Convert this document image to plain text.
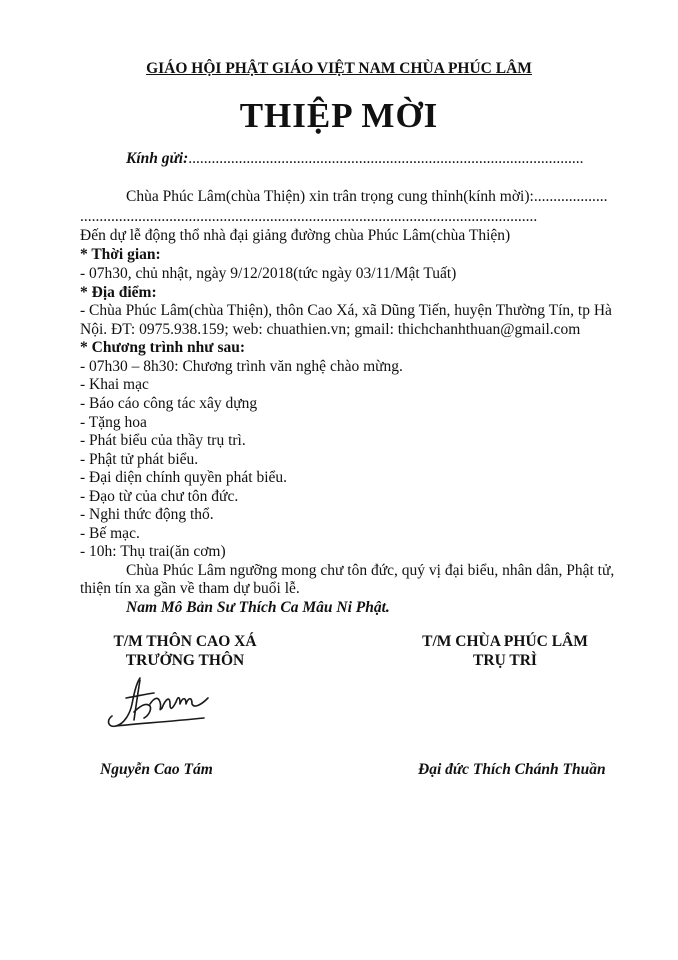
GIÁO HỘI PHẬT GIÁO VIỆT NAM CHÙA PHÚC LÂM
THIỆP MỜI
Kính gửi:......................................................................................................
Chùa Phúc Lâm(chùa Thiện) xin trân trọng cung thỉnh(kính mời):...................
......................................................................................................................
Đến dự lễ động thổ nhà đại giảng đường chùa Phúc Lâm(chùa Thiện)
* Thời gian:
- 07h30, chủ nhật, ngày 9/12/2018(tức ngày 03/11/Mật Tuất)
* Địa điểm:
- Chùa Phúc Lâm(chùa Thiện), thôn Cao Xá, xã Dũng Tiến, huyện Thường Tín, tp Hà
Nội. ĐT: 0975.938.159; web: chuathien.vn; gmail: thichchanhthuan@gmail.com
* Chương trình như sau:
- 07h30 – 8h30: Chương trình văn nghệ chào mừng.
- Khai mạc
- Báo cáo công tác xây dựng
- Tặng hoa
- Phát biểu của thầy trụ trì.
- Phật tử phát biểu.
- Đại diện chính quyền phát biểu.
- Đạo từ của chư tôn đức.
- Nghi thức động thổ.
- Bế mạc.
- 10h: Thụ trai(ăn cơm)
Chùa Phúc Lâm ngưỡng mong chư tôn đức, quý vị đại biểu, nhân dân, Phật tử,
thiện tín xa gần về tham dự buổi lễ.
Nam Mô Bản Sư Thích Ca Mâu Ni Phật.
T/M THÔN CAO XÁ
TRƯỞNG THÔN
T/M CHÙA PHÚC LÂM
TRỤ TRÌ
Nguyễn Cao Tám	Đại đức Thích Chánh Thuần
